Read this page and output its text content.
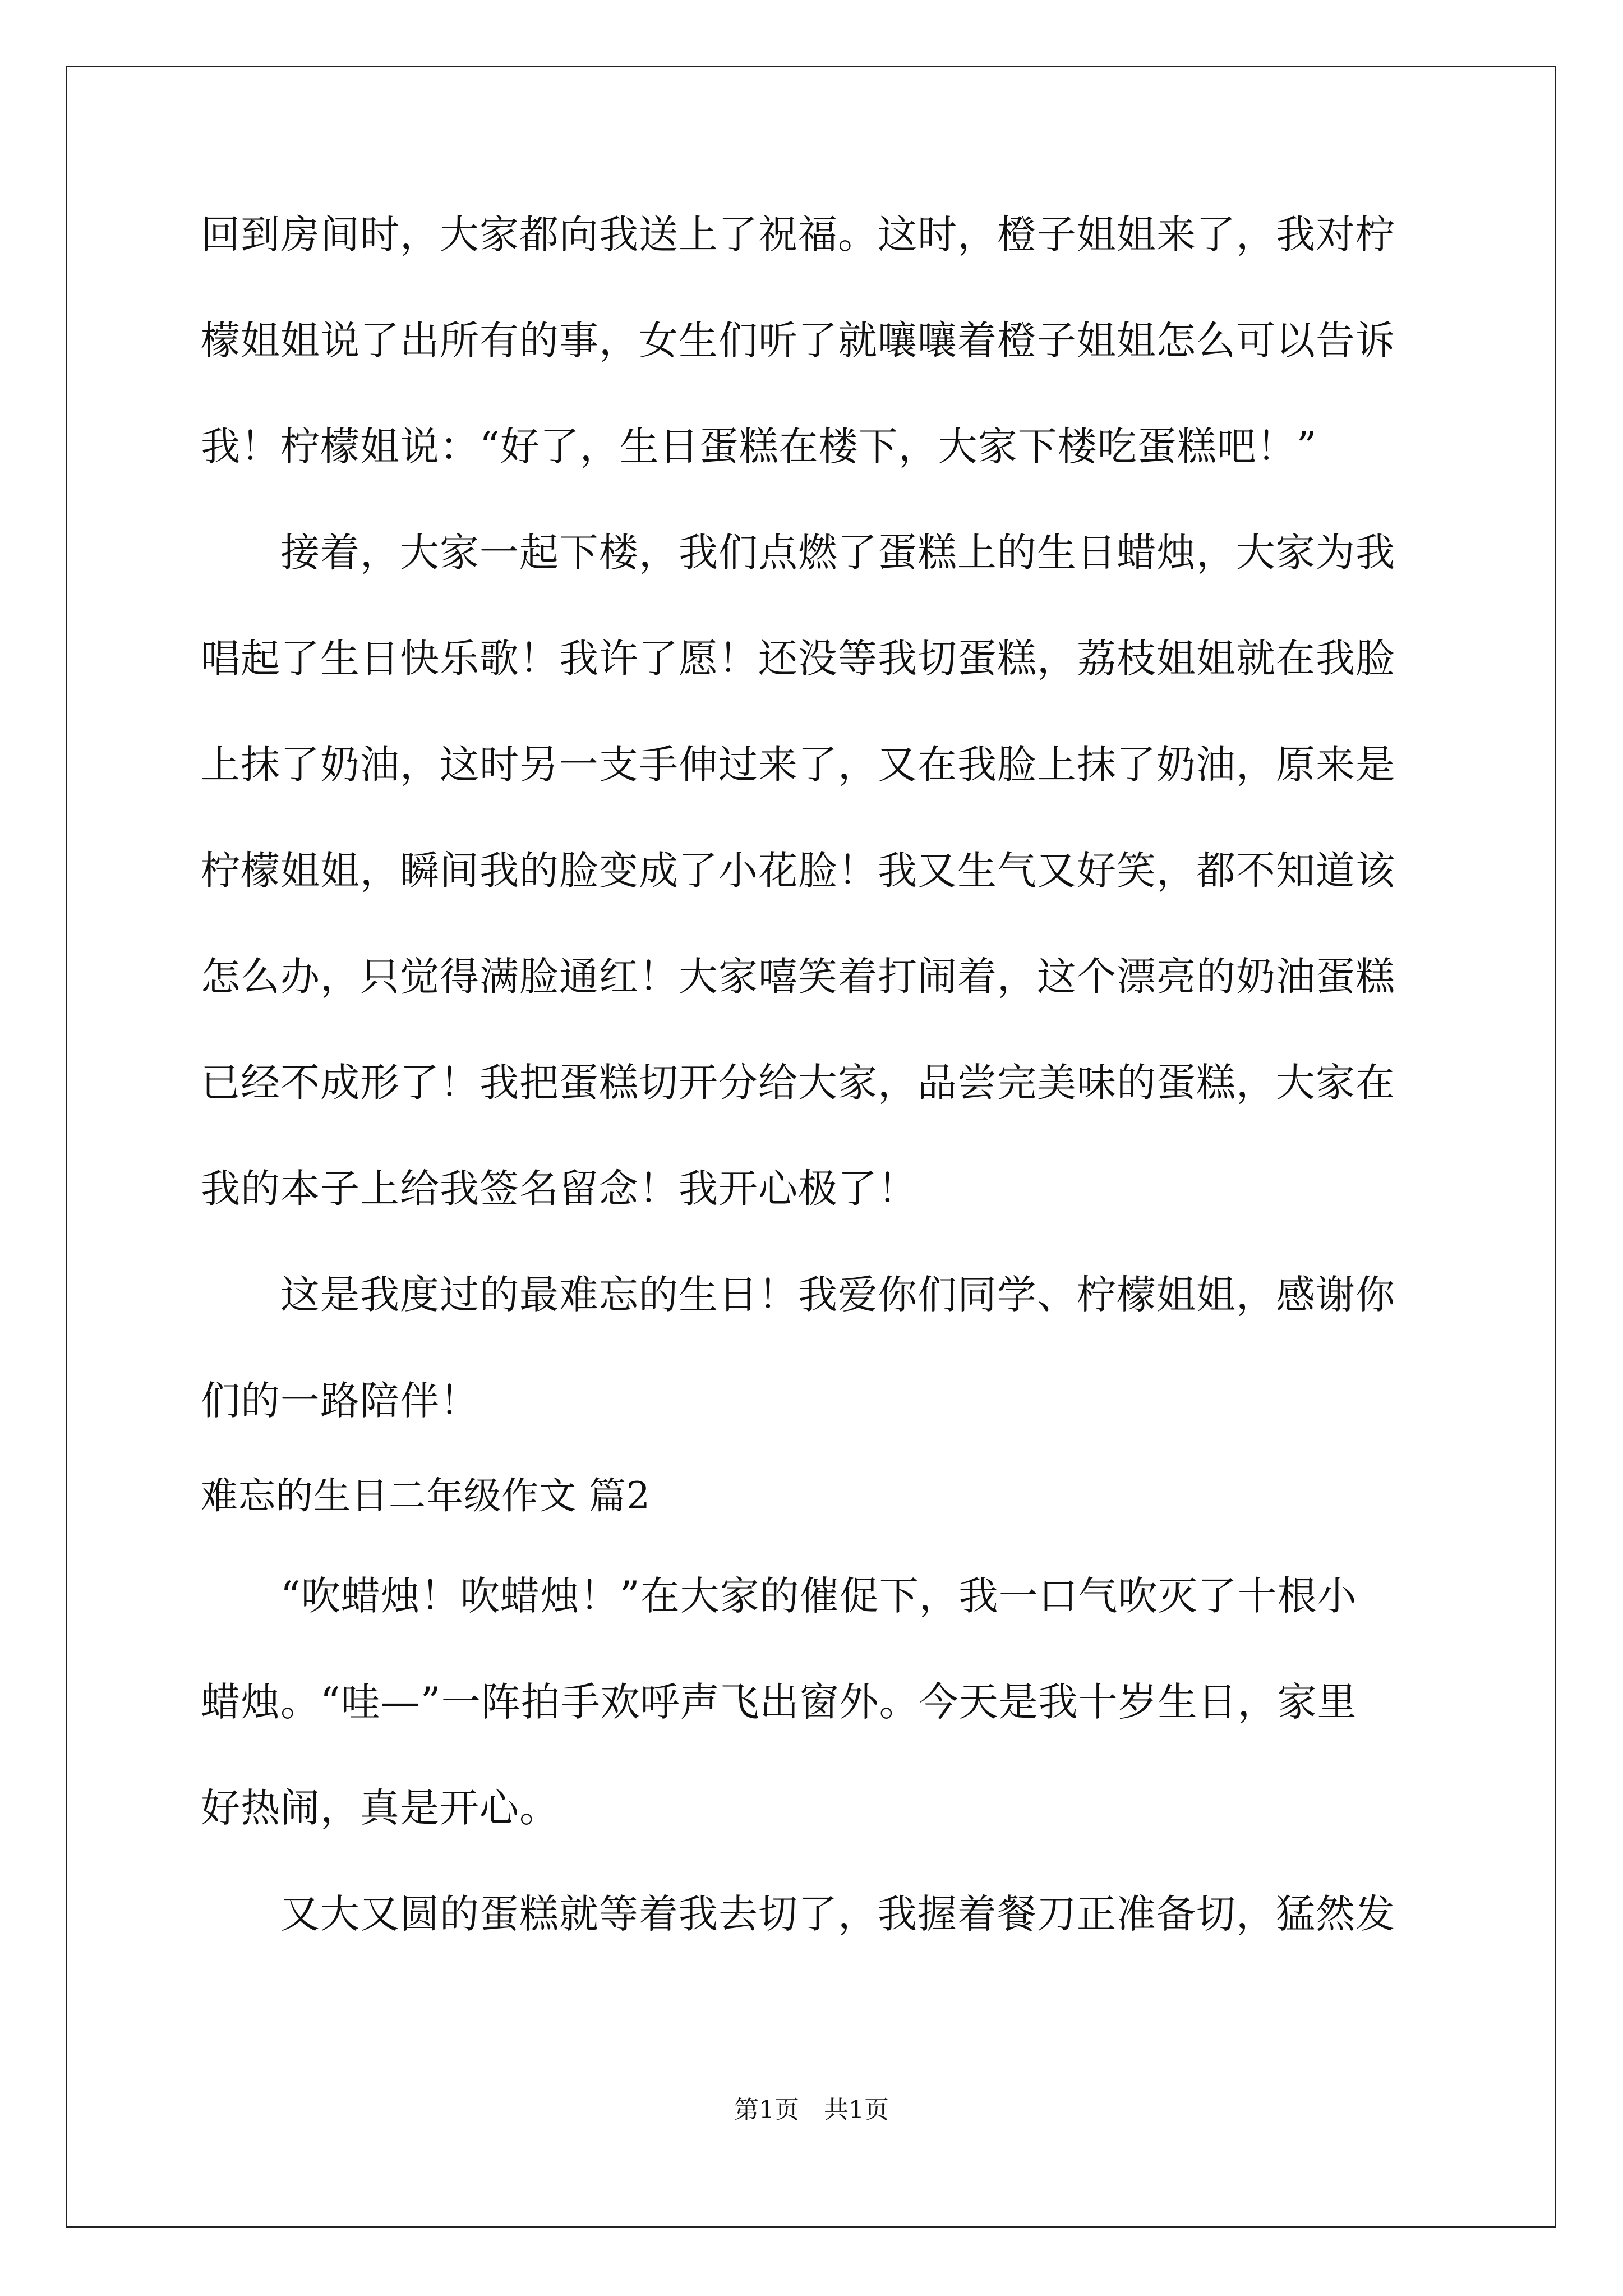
回到房间时，大家都向我送上了祝福。这时，橙子姐姐来了，我对柠
檬姐姐说了出所有的事，女生们听了就嚷嚷着橙子姐姐怎么可以告诉
我！柠檬姐说：“好了，生日蛋糕在楼下，大家下楼吃蛋糕吧！”
　　接着，大家一起下楼，我们点燃了蛋糕上的生日蜡烛，大家为我
唱起了生日快乐歌！我许了愿！还没等我切蛋糕，荔枝姐姐就在我脸
上抹了奶油，这时另一支手伸过来了，又在我脸上抹了奶油，原来是
柠檬姐姐，瞬间我的脸变成了小花脸！我又生气又好笑，都不知道该
怎么办，只觉得满脸通红！大家嘻笑着打闹着，这个漂亮的奶油蛋糕
已经不成形了！我把蛋糕切开分给大家，品尝完美味的蛋糕，大家在
我的本子上给我签名留念！我开心极了！
　　这是我度过的最难忘的生日！我爱你们同学、柠檬姐姐，感谢你
们的一路陪伴！
难忘的生日二年级作文 篇2
　　“吹蜡烛！吹蜡烛！”在大家的催促下，我一口气吹灭了十根小
蜡烛。“哇—”一阵拍手欢呼声飞出窗外。今天是我十岁生日，家里
好热闹，真是开心。
　　又大又圆的蛋糕就等着我去切了，我握着餐刀正准备切，猛然发
第1页　共1页
